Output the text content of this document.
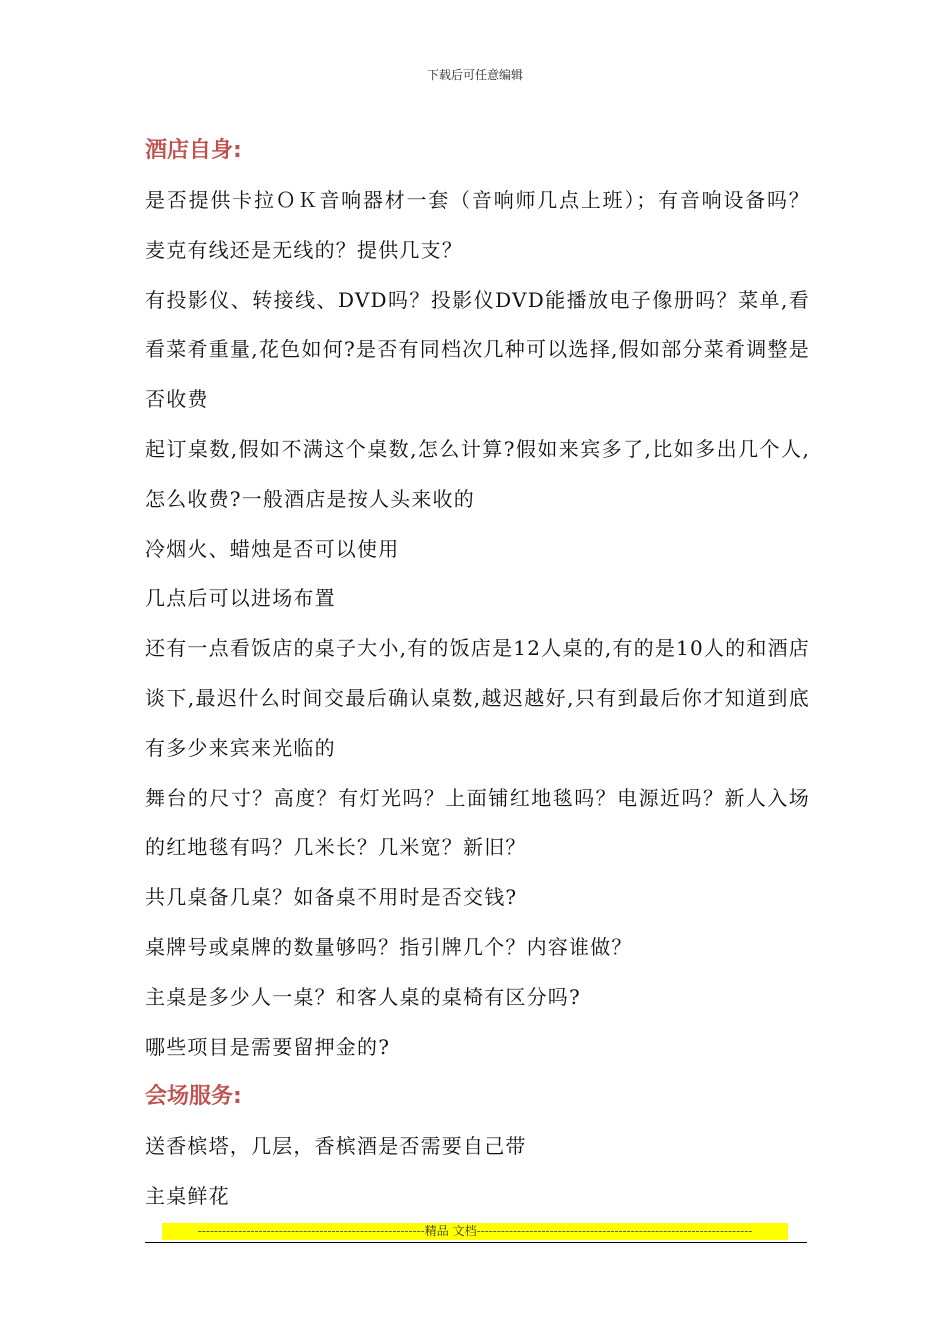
下载后可任意编辑
酒店自身:

是否提供卡拉ＯＫ音响器材一套（音响师几点上班）；有音响设备吗？麦克有线还是无线的？提供几支？

有投影仪、转接线、DVD吗？投影仪DVD能播放电子像册吗？菜单,看看菜肴重量,花色如何?是否有同档次几种可以选择,假如部分菜肴调整是否收费

起订桌数,假如不满这个桌数,怎么计算?假如来宾多了,比如多出几个人,怎么收费?一般酒店是按人头来收的

冷烟火、蜡烛是否可以使用

几点后可以进场布置

还有一点看饭店的桌子大小,有的饭店是12人桌的,有的是10人的和酒店谈下,最迟什么时间交最后确认桌数,越迟越好,只有到最后你才知道到底有多少来宾来光临的

舞台的尺寸？高度？有灯光吗？上面铺红地毯吗？电源近吗？新人入场的红地毯有吗？几米长？几米宽？新旧？

共几桌备几桌？如备桌不用时是否交钱?

桌牌号或桌牌的数量够吗？指引牌几个？内容谁做？

主桌是多少人一桌？和客人桌的桌椅有区分吗?

哪些项目是需要留押金的?

会场服务:

送香槟塔，几层，香槟酒是否需要自己带

主桌鲜花

--------------------------------------------------------精品 文档--------------------------------------------------------------------
